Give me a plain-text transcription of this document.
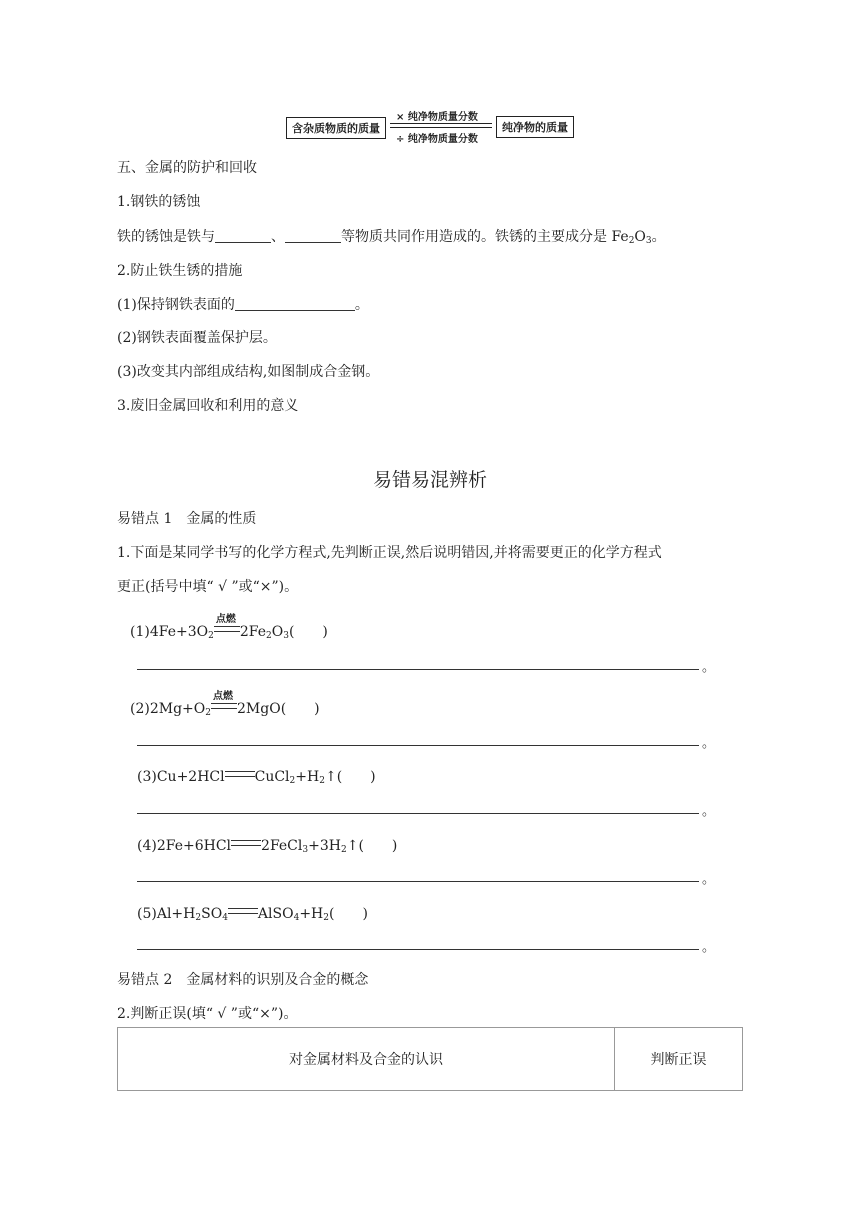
含杂质物质的质量
× 纯净物质量分数
÷ 纯净物质量分数
纯净物的质量
五、金属的防护和回收
1.钢铁的锈蚀
铁的锈蚀是铁与	、	等物质共同作用造成的。铁锈的主要成分是 $Fe_2O_3$。
2.防止铁生锈的措施
(1)保持钢铁表面的	。
(2)钢铁表面覆盖保护层。
(3)改变其内部组成结构,如图制成合金钢。
3.废旧金属回收和利用的意义
易错易混辨析
易错点 1　金属的性质
1.下面是某同学书写的化学方程式,先判断正误,然后说明错因,并将需要更正的化学方程式
更正(括号中填“ √ ”或“×”)。
$(1)4Fe+3O_2$
点燃
$2Fe_2O_3$(　　)
。
$(2)2Mg+O_2$
点燃
2MgO(　　)
。
(3)Cu+2HCl $CuCl_2+H_2↑$(　　)
。
(4)2Fe+6HCl $2FeCl_3+3H_2↑$(　　)
。
$(5)Al+H_2SO_4$ $AlSO_4+H_2$(　　)
。
易错点 2　金属材料的识别及合金的概念
2.判断正误(填“ √ ”或“×”)。
对金属材料及合金的认识	判断正误
